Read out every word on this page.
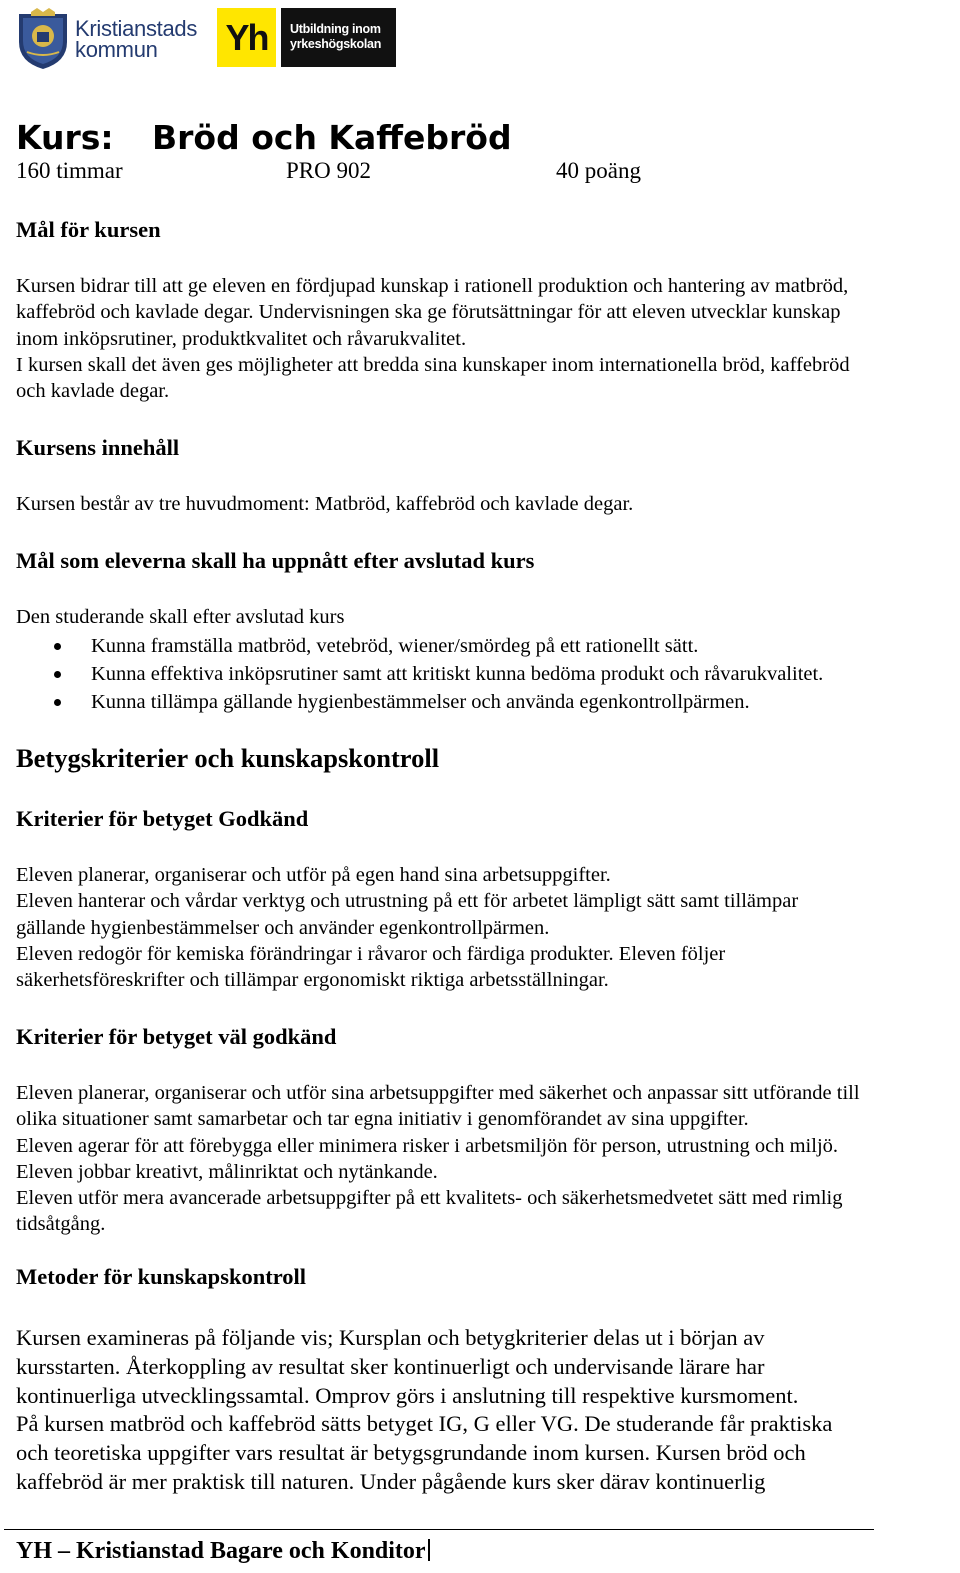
Kristianstads
kommun	Yh	Utbildning inom
yrkeshögskolan
Kurs: Bröd och Kaffebröd
160 timmar	PRO 902	40 poäng
Mål för kursen
Kursen bidrar till att ge eleven en fördjupad kunskap i rationell produktion och hantering av matbröd,
kaffebröd och kavlade degar. Undervisningen ska ge förutsättningar för att eleven utvecklar kunskap
inom inköpsrutiner, produktkvalitet och råvarukvalitet.
I kursen skall det även ges möjligheter att bredda sina kunskaper inom internationella bröd, kaffebröd
och kavlade degar.
Kursens innehåll
Kursen består av tre huvudmoment: Matbröd, kaffebröd och kavlade degar.
Mål som eleverna skall ha uppnått efter avslutad kurs
Den studerande skall efter avslutad kurs
Kunna framställa matbröd, vetebröd, wiener/smördeg på ett rationellt sätt.
Kunna effektiva inköpsrutiner samt att kritiskt kunna bedöma produkt och råvarukvalitet.
Kunna tillämpa gällande hygienbestämmelser och använda egenkontrollpärmen.
Betygskriterier och kunskapskontroll
Kriterier för betyget Godkänd
Eleven planerar, organiserar och utför på egen hand sina arbetsuppgifter.
Eleven hanterar och vårdar verktyg och utrustning på ett för arbetet lämpligt sätt samt tillämpar
gällande hygienbestämmelser och använder egenkontrollpärmen.
Eleven redogör för kemiska förändringar i råvaror och färdiga produkter. Eleven följer
säkerhetsföreskrifter och tillämpar ergonomiskt riktiga arbetsställningar.
Kriterier för betyget väl godkänd
Eleven planerar, organiserar och utför sina arbetsuppgifter med säkerhet och anpassar sitt utförande till
olika situationer samt samarbetar och tar egna initiativ i genomförandet av sina uppgifter.
Eleven agerar för att förebygga eller minimera risker i arbetsmiljön för person, utrustning och miljö.
Eleven jobbar kreativt, målinriktat och nytänkande.
Eleven utför mera avancerade arbetsuppgifter på ett kvalitets- och säkerhetsmedvetet sätt med rimlig
tidsåtgång.
Metoder för kunskapskontroll
Kursen examineras på följande vis; Kursplan och betygkriterier delas ut i början av
kursstarten. Återkoppling av resultat sker kontinuerligt och undervisande lärare har
kontinuerliga utvecklingssamtal. Omprov görs i anslutning till respektive kursmoment.
På kursen matbröd och kaffebröd sätts betyget IG, G eller VG. De studerande får praktiska
och teoretiska uppgifter vars resultat är betygsgrundande inom kursen. Kursen bröd och
kaffebröd är mer praktisk till naturen. Under pågående kurs sker därav kontinuerlig
YH – Kristianstad Bagare och Konditor
